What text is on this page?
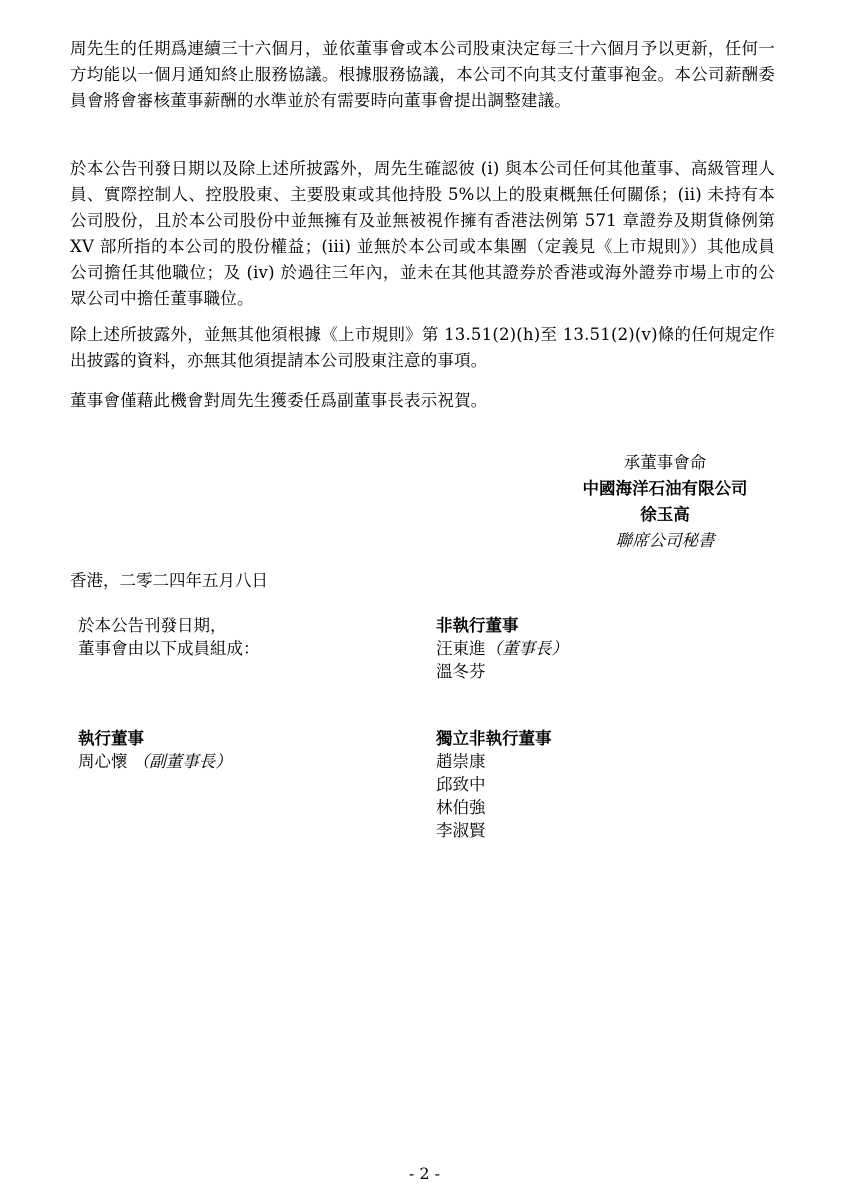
周先生的任期爲連續三十六個月，並依董事會或本公司股東決定每三十六個月予以更新，任何一方均能以一個月通知終止服務協議。根據服務協議，本公司不向其支付董事袍金。本公司薪酬委員會將會審核董事薪酬的水準並於有需要時向董事會提出調整建議。

於本公告刊發日期以及除上述所披露外，周先生確認彼 (i) 與本公司任何其他董事、高級管理人員、實際控制人、控股股東、主要股東或其他持股 5%以上的股東概無任何關係；(ii) 未持有本公司股份，且於本公司股份中並無擁有及並無被視作擁有香港法例第 571 章證券及期貨條例第 XV 部所指的本公司的股份權益；(iii) 並無於本公司或本集團（定義見《上市規則》）其他成員公司擔任其他職位；及 (iv) 於過往三年內，並未在其他其證券於香港或海外證券市場上市的公眾公司中擔任董事職位。

除上述所披露外，並無其他須根據《上市規則》第 13.51(2)(h)至 13.51(2)(v)條的任何規定作出披露的資料，亦無其他須提請本公司股東注意的事項。

董事會僅藉此機會對周先生獲委任爲副董事長表示祝賀。

承董事會命
中國海洋石油有限公司
徐玉高
聯席公司秘書
香港，二零二四年五月八日
於本公告刊發日期，
董事會由以下成員組成：
非執行董事
汪東進（董事長）
溫冬芬
執行董事
周心懷 （副董事長）
獨立非執行董事
趙崇康
邱致中
林伯強
李淑賢
- 2 -
